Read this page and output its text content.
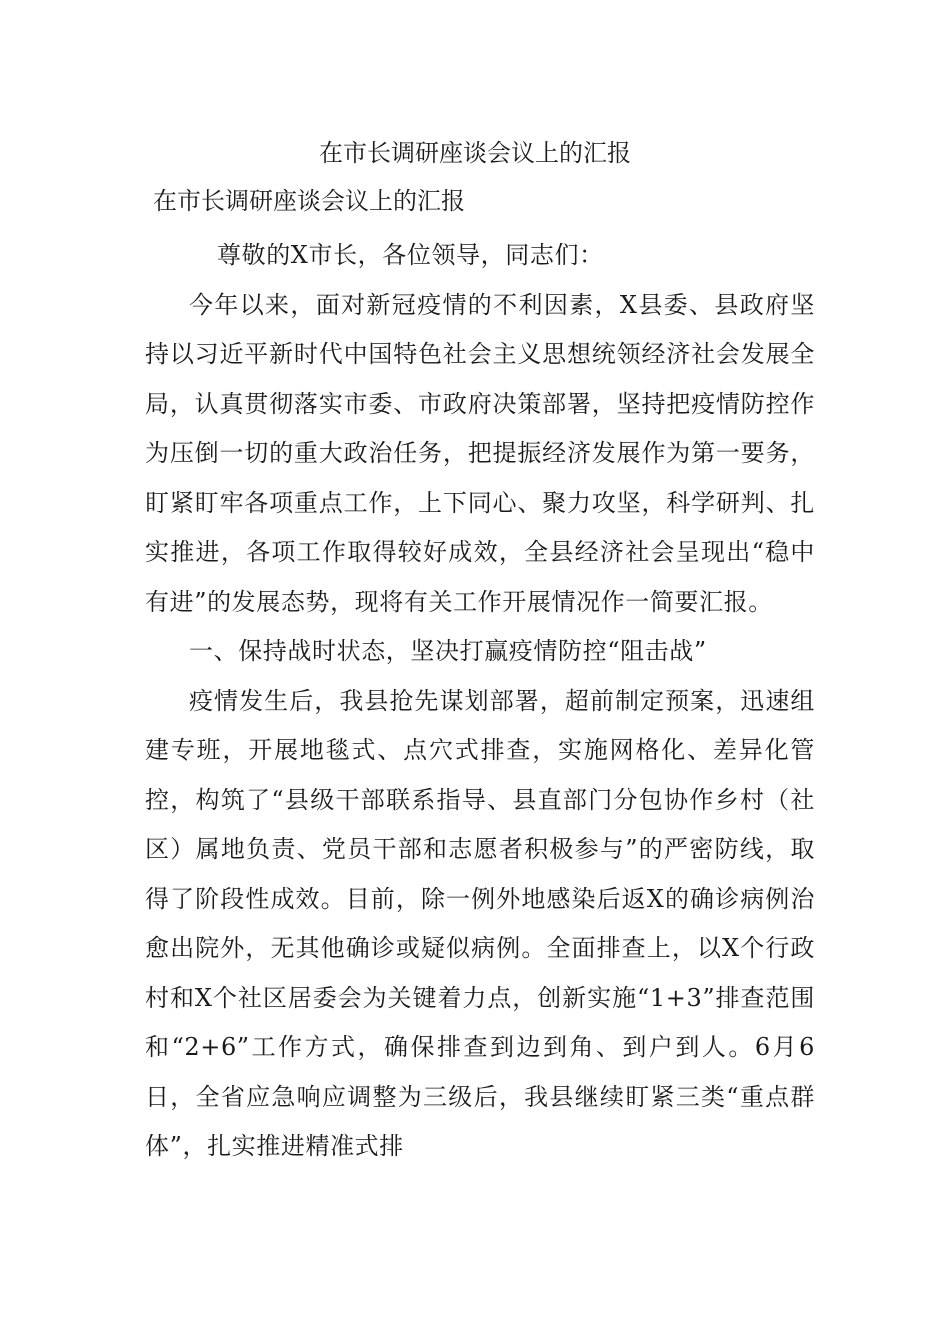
在市长调研座谈会议上的汇报
在市长调研座谈会议上的汇报

尊敬的X市长，各位领导，同志们：

今年以来，面对新冠疫情的不利因素，X县委、县政府坚持以习近平新时代中国特色社会主义思想统领经济社会发展全局，认真贯彻落实市委、市政府决策部署，坚持把疫情防控作为压倒一切的重大政治任务，把提振经济发展作为第一要务，盯紧盯牢各项重点工作，上下同心、聚力攻坚，科学研判、扎实推进，各项工作取得较好成效，全县经济社会呈现出“稳中有进”的发展态势，现将有关工作开展情况作一简要汇报。

一、保持战时状态，坚决打赢疫情防控“阻击战”

疫情发生后，我县抢先谋划部署，超前制定预案，迅速组建专班，开展地毯式、点穴式排查，实施网格化、差异化管控，构筑了“县级干部联系指导、县直部门分包协作乡村（社区）属地负责、党员干部和志愿者积极参与”的严密防线，取得了阶段性成效。目前，除一例外地感染后返X的确诊病例治愈出院外，无其他确诊或疑似病例。全面排查上，以X个行政村和X个社区居委会为关键着力点，创新实施“1+3”排查范围和“2+6”工作方式，确保排查到边到角、到户到人。6月6日，全省应急响应调整为三级后，我县继续盯紧三类“重点群体”，扎实推进精准式排
